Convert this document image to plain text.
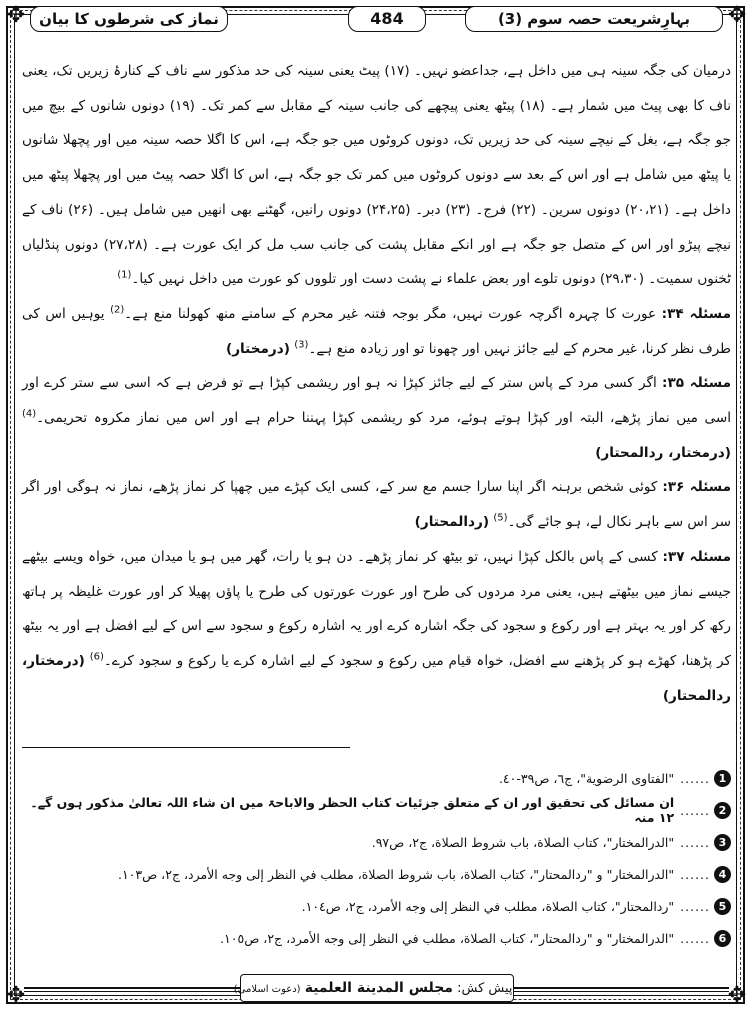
✥	✥
✥	✥
بہارِشریعت حصہ سوم (3)
484
نماز کی شرطوں کا بیان

درمیان کی جگہ سینہ ہی میں داخل ہے، جداعضو نہیں۔ (۱۷) پیٹ یعنی سینہ کی حد مذکور سے ناف کے کنارۂ زیریں تک، یعنی ناف کا بھی پیٹ میں شمار ہے۔ (۱۸) پیٹھ یعنی پیچھے کی جانب سینہ کے مقابل سے کمر تک۔ (۱۹) دونوں شانوں کے بیچ میں جو جگہ ہے، بغل کے نیچے سینہ کی حد زیریں تک، دونوں کروٹوں میں جو جگہ ہے، اس کا اگلا حصہ سینہ میں اور پچھلا شانوں یا پیٹھ میں شامل ہے اور اس کے بعد سے دونوں کروٹوں میں کمر تک جو جگہ ہے، اس کا اگلا حصہ پیٹ میں اور پچھلا پیٹھ میں داخل ہے۔ (۲۰،۲۱) دونوں سرین۔ (۲۲) فرج۔ (۲۳) دبر۔ (۲۴،۲۵) دونوں رانیں، گھٹنے بھی انھیں میں شامل ہیں۔ (۲۶) ناف کے نیچے پیڑو اور اس کے متصل جو جگہ ہے اور انکے مقابل پشت کی جانب سب مل کر ایک عورت ہے۔ (۲۷،۲۸) دونوں پنڈلیاں ٹخنوں سمیت۔ (۲۹،۳۰) دونوں تلوے اور بعض علماء نے پشت دست اور تلووں کو عورت میں داخل نہیں کیا۔$^{(1)}$

مسئلہ ۳۴: عورت کا چہرہ اگرچہ عورت نہیں، مگر بوجہ فتنہ غیر محرم کے سامنے منھ کھولنا منع ہے۔$^{(2)}$ یوہیں اس کی طرف نظر کرنا، غیر محرم کے لیے جائز نہیں اور چھونا تو اور زیادہ منع ہے۔$^{(3)}$ (درمختار)

مسئلہ ۳۵: اگر کسی مرد کے پاس ستر کے لیے جائز کپڑا نہ ہو اور ریشمی کپڑا ہے تو فرض ہے کہ اسی سے ستر کرے اور اسی میں نماز پڑھے، البتہ اور کپڑا ہوتے ہوئے، مرد کو ریشمی کپڑا پہننا حرام ہے اور اس میں نماز مکروہ تحریمی۔$^{(4)}$ (درمختار، ردالمحتار)

مسئلہ ۳۶: کوئی شخص برہنہ اگر اپنا سارا جسم مع سر کے، کسی ایک کپڑے میں چھپا کر نماز پڑھے، نماز نہ ہوگی اور اگر سر اس سے باہر نکال لے، ہو جائے گی۔$^{(5)}$ (ردالمحتار)

مسئلہ ۳۷: کسی کے پاس بالکل کپڑا نہیں، تو بیٹھ کر نماز پڑھے۔ دن ہو یا رات، گھر میں ہو یا میدان میں، خواہ ویسے بیٹھے جیسے نماز میں بیٹھتے ہیں، یعنی مرد مردوں کی طرح اور عورت عورتوں کی طرح یا پاؤں پھیلا کر اور عورت غلیظہ پر ہاتھ رکھ کر اور یہ بہتر ہے اور رکوع و سجود کی جگہ اشارہ کرے اور یہ اشارہ رکوع و سجود سے اس کے لیے افضل ہے اور یہ بیٹھ کر پڑھنا، کھڑے ہو کر پڑھنے سے افضل، خواہ قیام میں رکوع و سجود کے لیے اشارہ کرے یا رکوع و سجود کرے۔$^{(6)}$ (درمختار، ردالمحتار)

1
......
"الفتاوی الرضوية"، ج٦، ص٣٩-٤٠.
2
......
ان مسائل کی تحقیق اور ان کے متعلق جزئیات کتاب الحظر والاباحۃ میں ان شاء اللہ تعالیٰ مذکور ہوں گے۔ ۱۲ منہ
3
......
"الدرالمختار"، كتاب الصلاة، باب شروط الصلاة، ج٢، ص٩٧.
4
......
"الدرالمختار" و "ردالمحتار"، كتاب الصلاة، باب شروط الصلاة، مطلب في النظر إلى وجه الأمرد، ج٢، ص١٠٣.
5
......
"ردالمحتار"، كتاب الصلاة، مطلب في النظر إلى وجه الأمرد، ج٢، ص١٠٤.
6
......
"الدرالمختار" و "ردالمحتار"، كتاب الصلاة، مطلب في النظر إلى وجه الأمرد، ج٢، ص١٠٥.
پیش کش: مجلس المدينة العلمية (دعوت اسلامی)
